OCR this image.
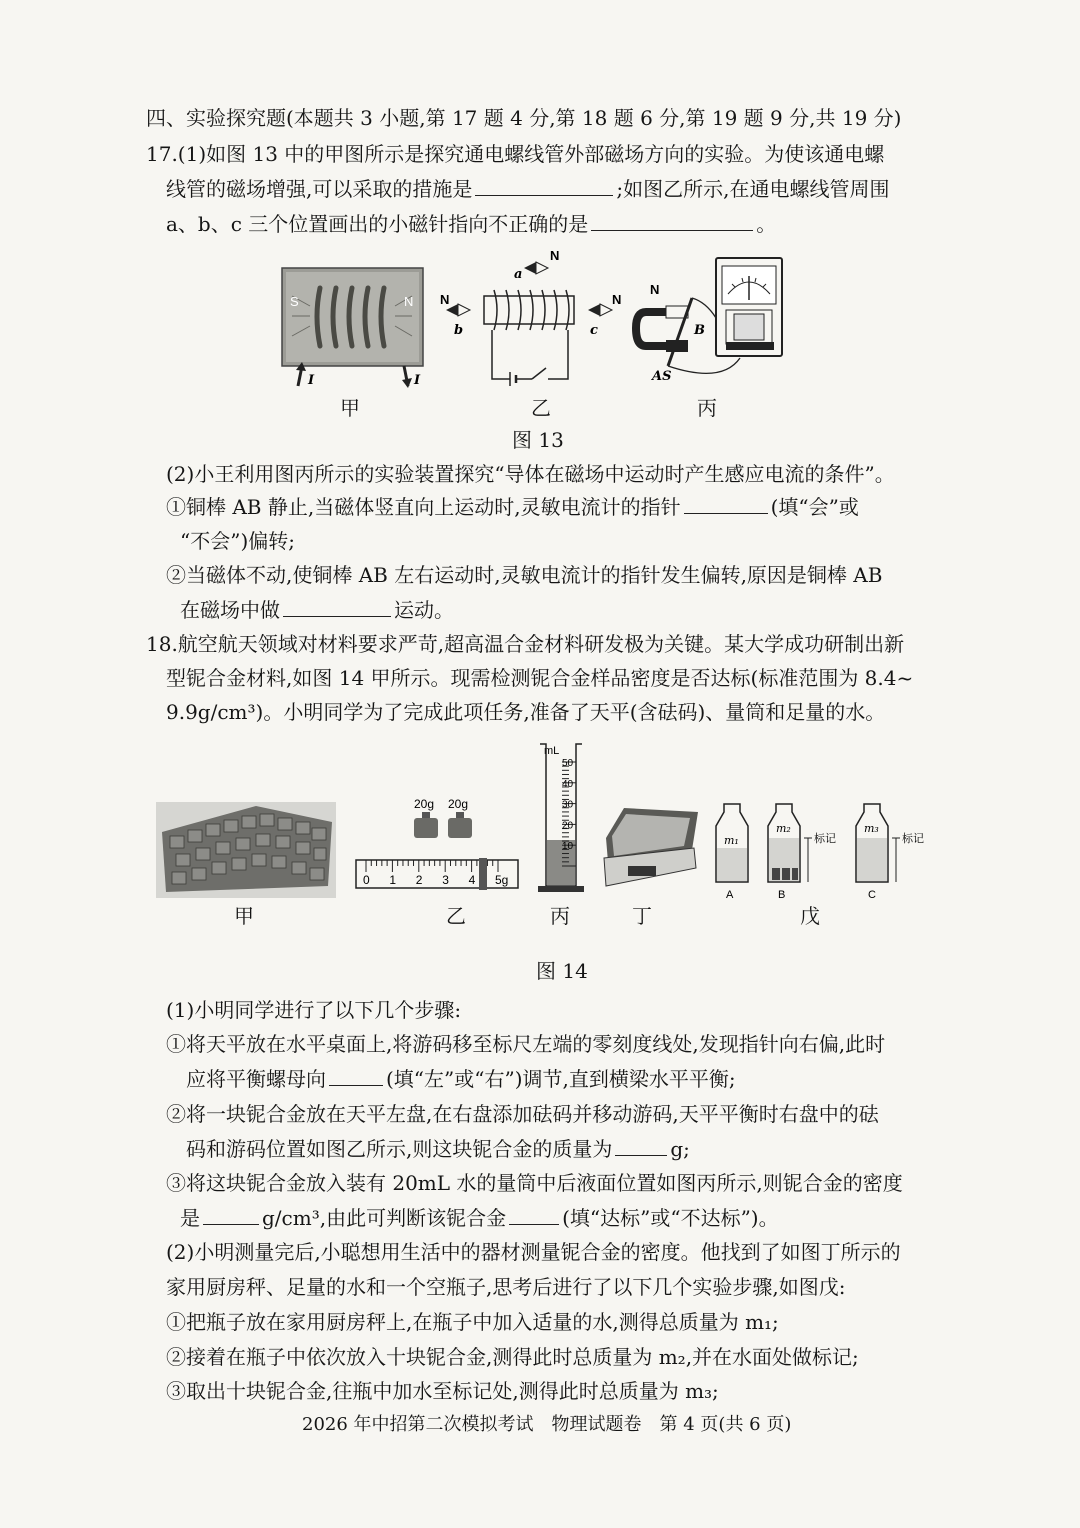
四、实验探究题(本题共 3 小题,第 17 题 4 分,第 18 题 6 分,第 19 题 9 分,共 19 分)
17.(1)如图 13 中的甲图所示是探究通电螺线管外部磁场方向的实验。为使该通电螺
线管的磁场增强,可以采取的措施是	;如图乙所示,在通电螺线管周围
a、b、c 三个位置画出的小磁针指向不正确的是	。
S	N
I	I
N
a
N
b
N
c
N
B
AS
甲	乙	丙
图 13
(2)小王利用图丙所示的实验装置探究“导体在磁场中运动时产生感应电流的条件”。
①铜棒 AB 静止,当磁体竖直向上运动时,灵敏电流计的指针	(填“会”或
“不会”)偏转;
②当磁体不动,使铜棒 AB 左右运动时,灵敏电流计的指针发生偏转,原因是铜棒 AB
在磁场中做	运动。
18.航空航天领域对材料要求严苛,超高温合金材料研发极为关键。某大学成功研制出新
型铌合金材料,如图 14 甲所示。现需检测铌合金样品密度是否达标(标准范围为 8.4~
9.9g/cm³)。小明同学为了完成此项任务,准备了天平(含砝码)、量筒和足量的水。
20g 20g
0 1 2 3 4 5g
mL
50
40
30
20
10	m₁
A
m₂
标记
B
m₃
标记
C
甲	乙	丙	丁	戊
图 14
(1)小明同学进行了以下几个步骤:
①将天平放在水平桌面上,将游码移至标尺左端的零刻度线处,发现指针向右偏,此时
应将平衡螺母向	(填“左”或“右”)调节,直到横梁水平平衡;
②将一块铌合金放在天平左盘,在右盘添加砝码并移动游码,天平平衡时右盘中的砝
码和游码位置如图乙所示,则这块铌合金的质量为	g;
③将这块铌合金放入装有 20mL 水的量筒中后液面位置如图丙所示,则铌合金的密度
是	g/cm³,由此可判断该铌合金	(填“达标”或“不达标”)。
(2)小明测量完后,小聪想用生活中的器材测量铌合金的密度。他找到了如图丁所示的
家用厨房秤、足量的水和一个空瓶子,思考后进行了以下几个实验步骤,如图戊:
①把瓶子放在家用厨房秤上,在瓶子中加入适量的水,测得总质量为 m₁;
②接着在瓶子中依次放入十块铌合金,测得此时总质量为 m₂,并在水面处做标记;
③取出十块铌合金,往瓶中加水至标记处,测得此时总质量为 m₃;
2026 年中招第二次模拟考试　物理试题卷　第 4 页(共 6 页)
